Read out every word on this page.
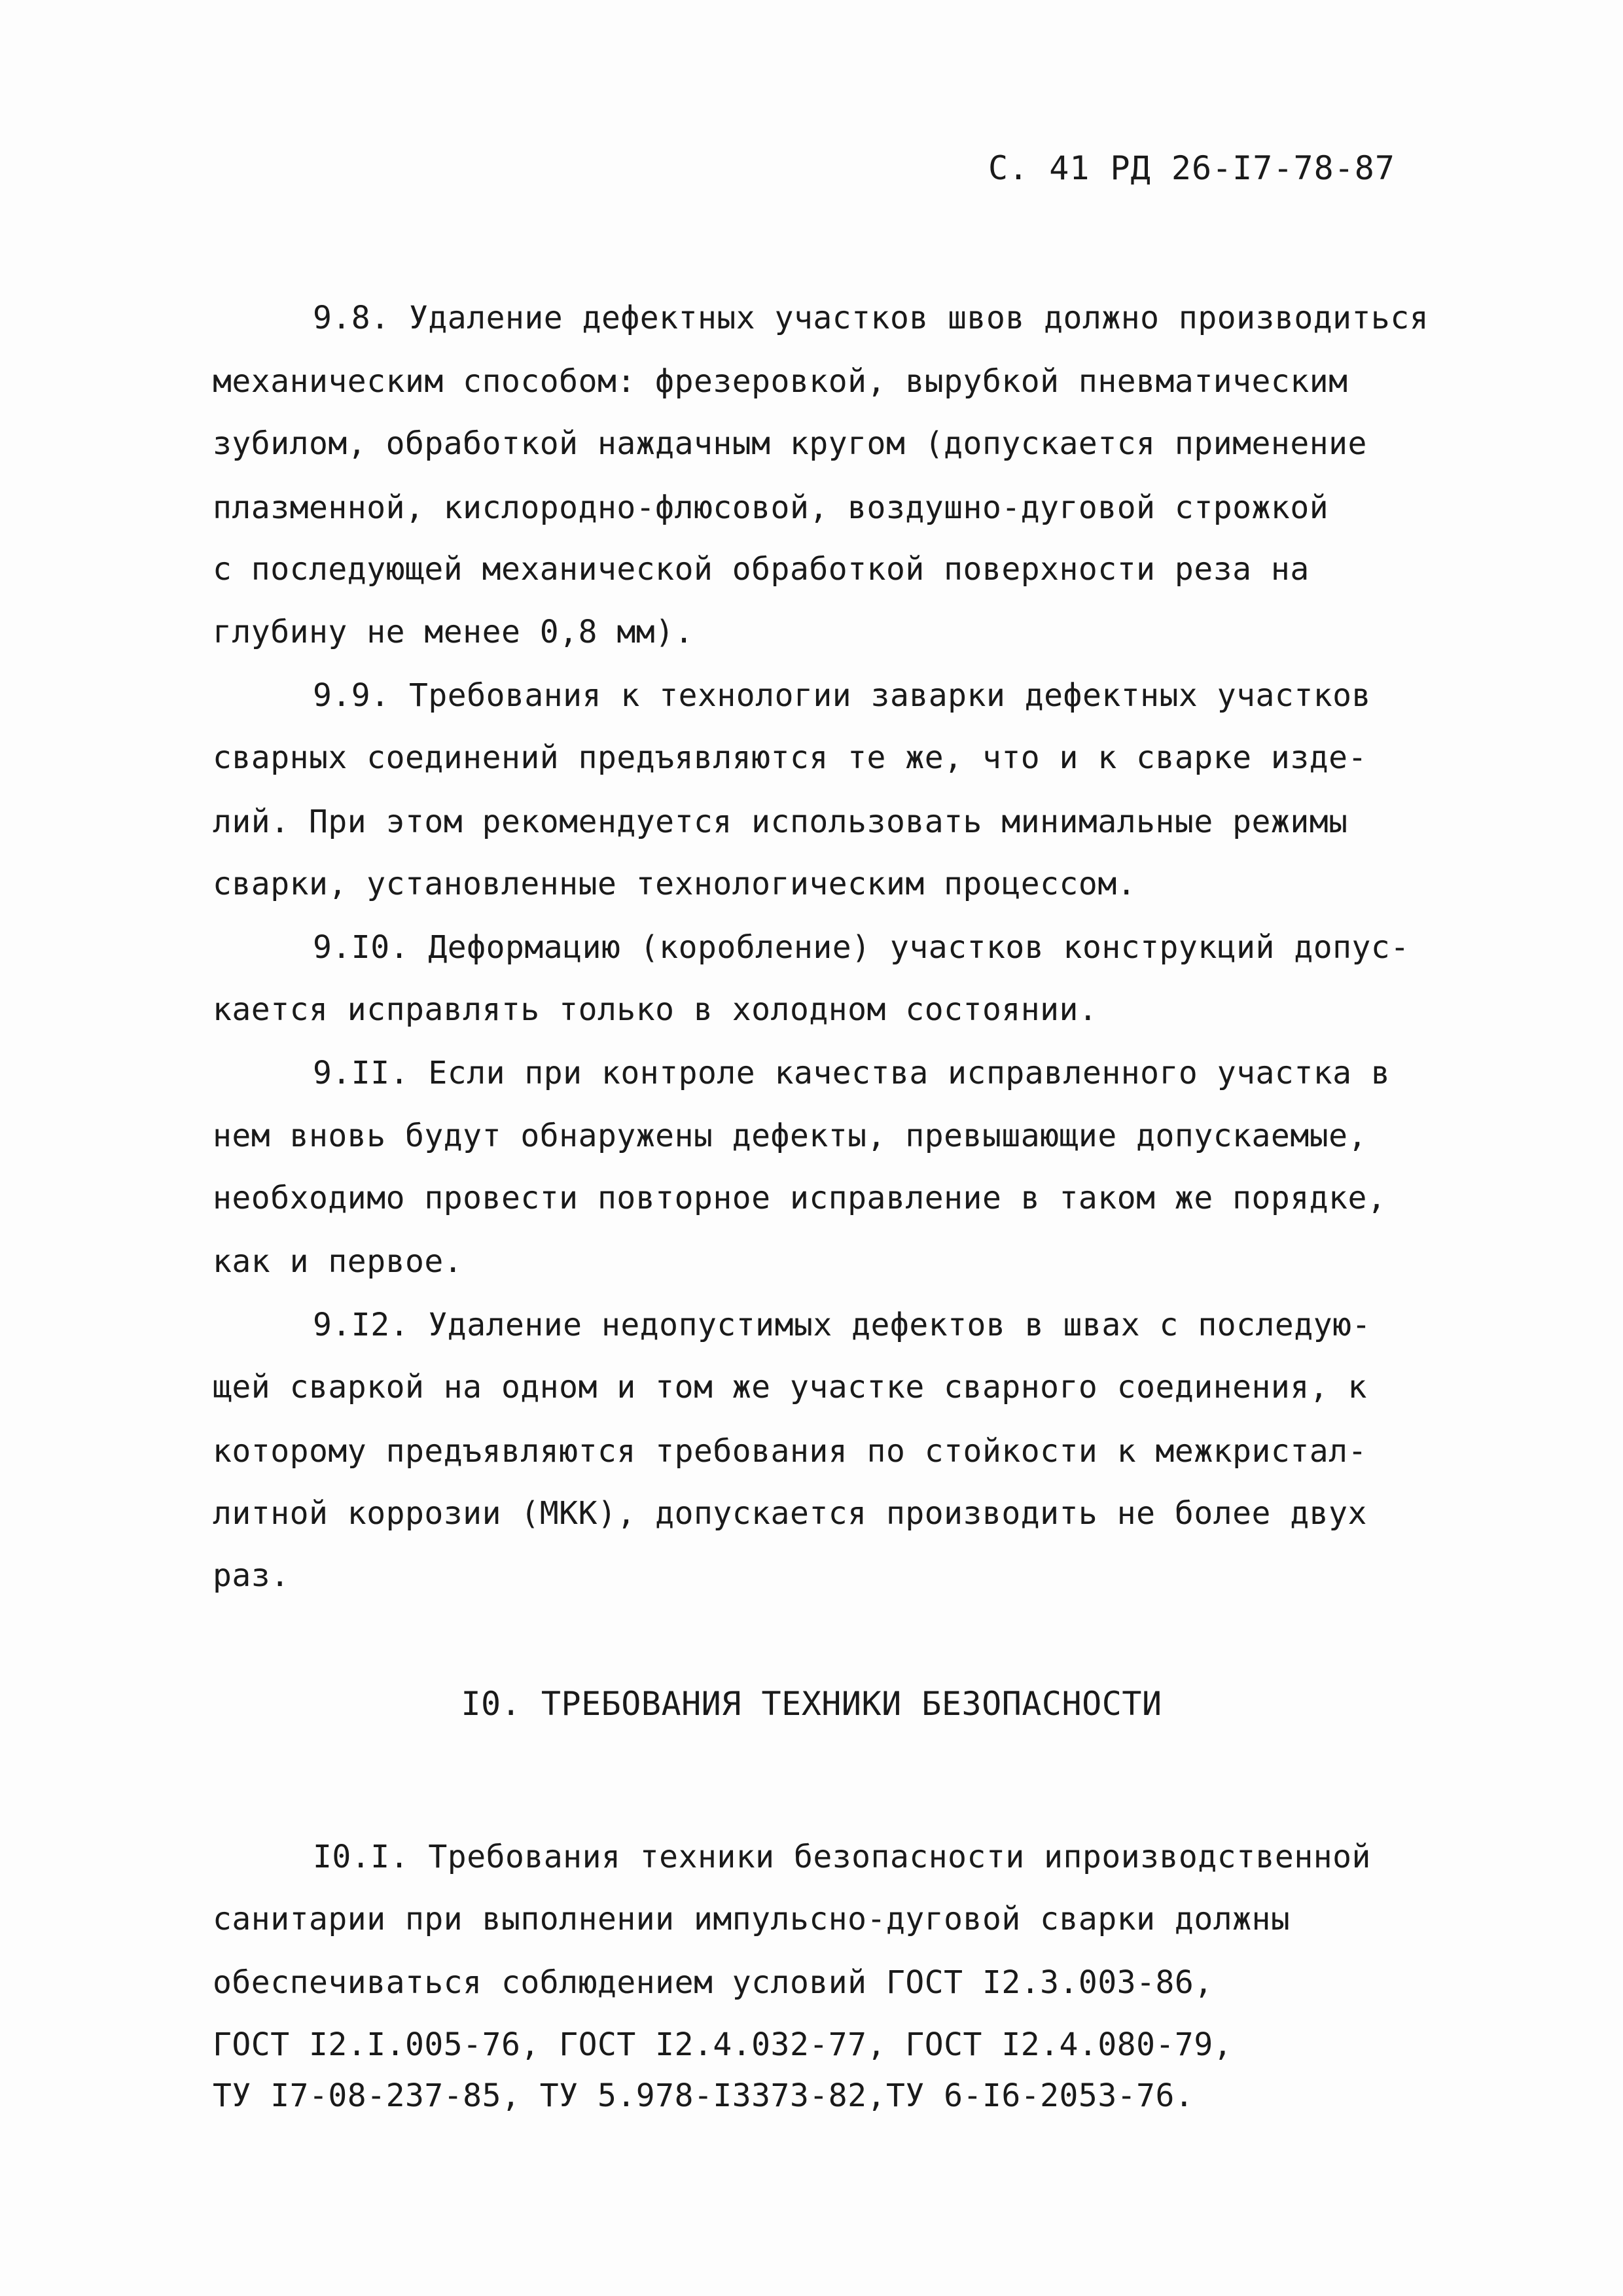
С. 41 РД 26-І7-78-87
9.8. Удаление дефектных участков швов должно производиться
механическим способом: фрезеровкой, вырубкой пневматическим
зубилом, обработкой наждачным кругом (допускается применение
плазменной, кислородно-флюсовой, воздушно-дуговой строжкой
с последующей механической обработкой поверхности реза на
глубину не менее 0,8 мм).
9.9. Требования к технологии заварки дефектных участков
сварных соединений предъявляются те же, что и к сварке изде-
лий. При этом рекомендуется использовать минимальные режимы
сварки, установленные технологическим процессом.
9.І0. Деформацию (коробление) участков конструкций допус-
кается исправлять только в холодном состоянии.
9.ІІ. Если при контроле качества исправленного участка в
нем вновь будут обнаружены дефекты, превышающие допускаемые,
необходимо провести повторное исправление в таком же порядке,
как и первое.
9.І2. Удаление недопустимых дефектов в швах с последую-
щей сваркой на одном и том же участке сварного соединения, к
которому предъявляются требования по стойкости к межкристал-
литной коррозии (МКК), допускается производить не более двух
раз.
І0. ТРЕБОВАНИЯ ТЕХНИКИ БЕЗОПАСНОСТИ
І0.І. Требования техники безопасности ипроизводственной
санитарии при выполнении импульсно-дуговой сварки должны
обеспечиваться соблюдением условий ГОСТ І2.3.003-86,
ГОСТ І2.І.005-76, ГОСТ І2.4.032-77, ГОСТ І2.4.080-79,
ТУ І7-08-237-85, ТУ 5.978-І3373-82,ТУ 6-І6-2053-76.
